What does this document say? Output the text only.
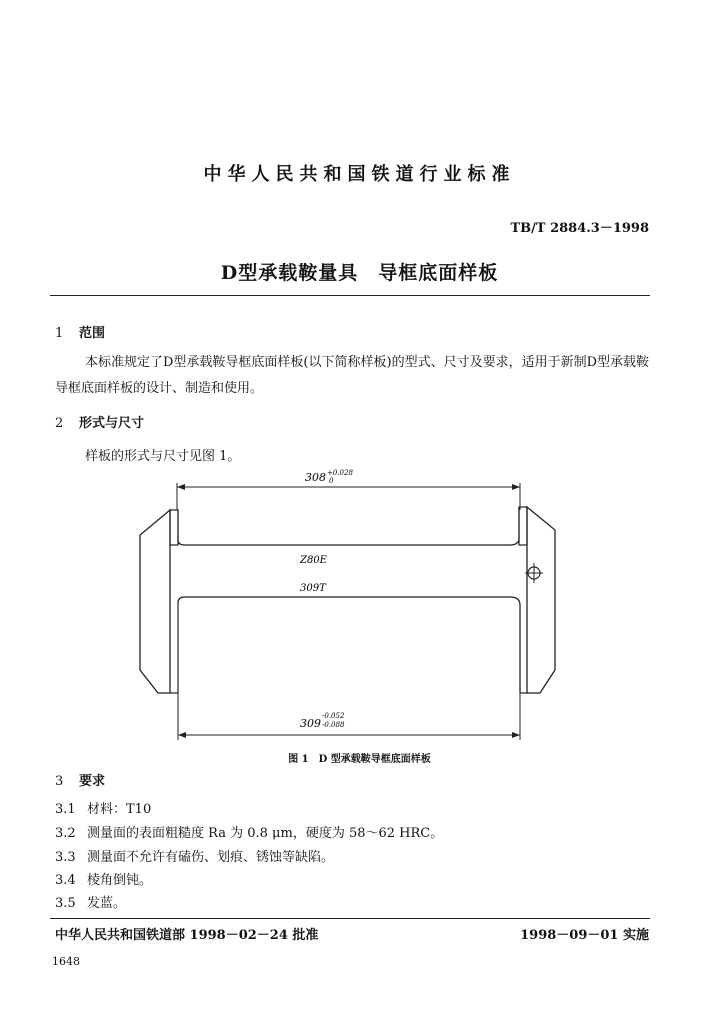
中华人民共和国铁道行业标准
TB/T 2884.3－1998
D型承载鞍量具　导框底面样板
1 范围
本标准规定了D型承载鞍导框底面样板(以下简称样板)的型式、尺寸及要求，适用于新制D型承载鞍导框底面样板的设计、制造和使用。
2 形式与尺寸
样板的形式与尺寸见图 1。
308 +0.028
0
Z80E
309T
309
-0.052
-0.088
图 1　D 型承载鞍导框底面样板
3 要求
3.1 材料：T10
3.2 测量面的表面粗糙度 Ra 为 0.8 μm，硬度为 58～62 HRC。
3.3 测量面不允许有磕伤、划痕、锈蚀等缺陷。
3.4 棱角倒钝。
3.5 发蓝。
中华人民共和国铁道部 1998－02－24 批准	1998－09－01 实施
1648
